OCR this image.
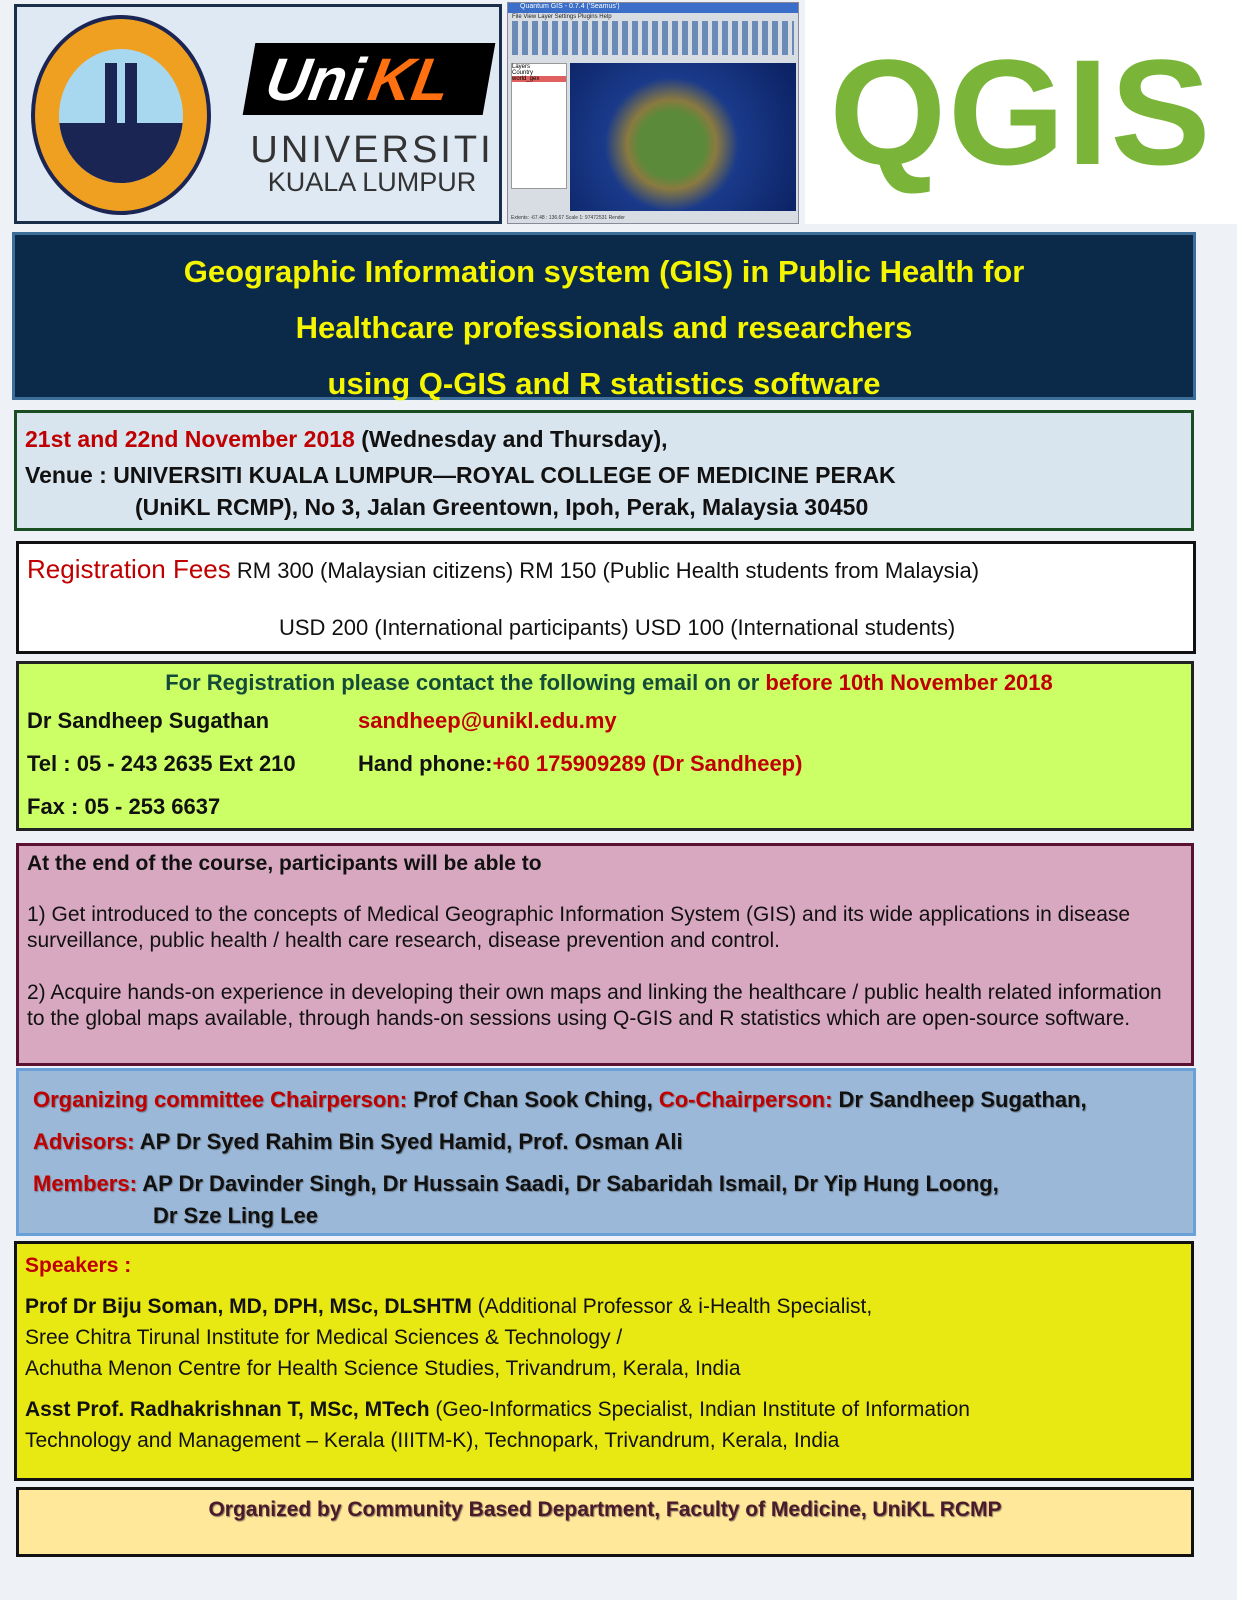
Uni
KL
UNIVERSITI
KUALA LUMPUR
Quantum GIS - 0.7.4 ('Seamus')
File View Layer Settings Plugins Help
Layers
Country
world_gex
Extents: -67.48 : 136.67 Scale 1: 97472531 Render
QGIS
Geographic Information system (GIS) in Public Health for
Healthcare professionals and researchers
using Q-GIS and R statistics software
21st and 22nd November 2018 (Wednesday and Thursday),
Venue : UNIVERSITI KUALA LUMPUR—ROYAL COLLEGE OF MEDICINE PERAK
(UniKL RCMP), No 3, Jalan Greentown, Ipoh, Perak, Malaysia 30450
Registration Fees RM 300 (Malaysian citizens) RM 150 (Public Health students from Malaysia)
USD 200 (International participants) USD 100 (International students)
For Registration please contact the following email on or before 10th November 2018
Dr Sandheep Sugathan	sandheep@unikl.edu.my
Tel : 05 - 243 2635 Ext 210	Hand phone: +60 175909289 (Dr Sandheep)
Fax : 05 - 253 6637
At the end of the course, participants will be able to

1) Get introduced to the concepts of Medical Geographic Information System (GIS) and its wide applications in disease surveillance, public health / health care research, disease prevention and control.

2) Acquire hands-on experience in developing their own maps and linking the healthcare / public health related information to the global maps available, through hands-on sessions using Q-GIS and R statistics which are open-source software.

Organizing committee Chairperson: Prof Chan Sook Ching, Co-Chairperson: Dr Sandheep Sugathan,
Advisors: AP Dr Syed Rahim Bin Syed Hamid, Prof. Osman Ali
Members: AP Dr Davinder Singh, Dr Hussain Saadi, Dr Sabaridah Ismail, Dr Yip Hung Loong,
Dr Sze Ling Lee
Speakers :
Prof Dr Biju Soman, MD, DPH, MSc, DLSHTM (Additional Professor & i-Health Specialist,
Sree Chitra Tirunal Institute for Medical Sciences & Technology /
Achutha Menon Centre for Health Science Studies, Trivandrum, Kerala, India
Asst Prof. Radhakrishnan T, MSc, MTech (Geo-Informatics Specialist, Indian Institute of Information
Technology and Management – Kerala (IIITM-K), Technopark, Trivandrum, Kerala, India
Organized by Community Based Department, Faculty of Medicine, UniKL RCMP
